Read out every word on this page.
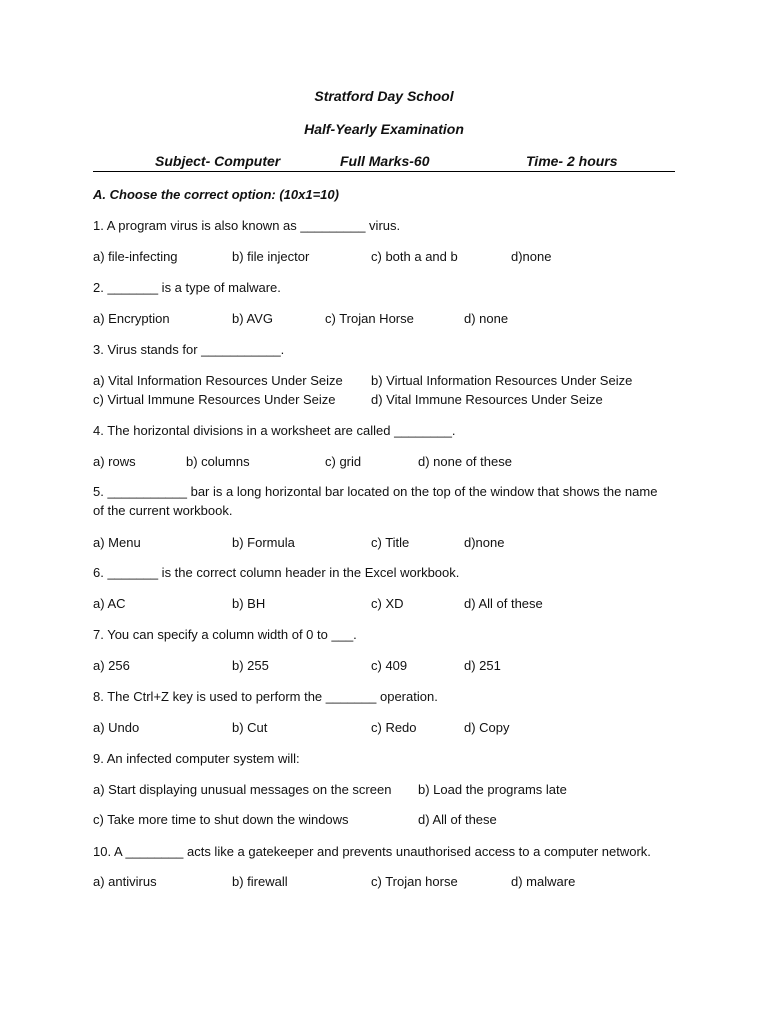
Stratford Day School
Half-Yearly Examination
Subject- Computer	Full Marks-60	Time- 2 hours
A. Choose the correct option: (10x1=10)
1. A program virus is also known as _________ virus.
a) file-infecting	b) file injector	c) both a and b	d)none
2. _______ is a type of malware.
a) Encryption	b) AVG	c) Trojan Horse	d) none
3. Virus stands for ___________.
a) Vital Information Resources Under Seize b) Virtual Information Resources Under Seize
c) Virtual Immune Resources Under Seize	d) Vital Immune Resources Under Seize
4. The horizontal divisions in a worksheet are called ________.
a) rows	b) columns	c) grid	d) none of these
5. ___________ bar is a long horizontal bar located on the top of the window that shows the name
of the current workbook.
a) Menu	b) Formula	c) Title	d)none
6. _______ is the correct column header in the Excel workbook.
a) AC	b) BH	c) XD	d) All of these
7. You can specify a column width of 0 to ___.
a) 256	b) 255	c) 409	d) 251
8. The Ctrl+Z key is used to perform the _______ operation.
a) Undo	b) Cut	c) Redo	d) Copy
9. An infected computer system will:
a) Start displaying unusual messages on the screen b) Load the programs late
c) Take more time to shut down the windows	d) All of these
10. A ________ acts like a gatekeeper and prevents unauthorised access to a computer network.
a) antivirus	b) firewall	c) Trojan horse	d) malware
